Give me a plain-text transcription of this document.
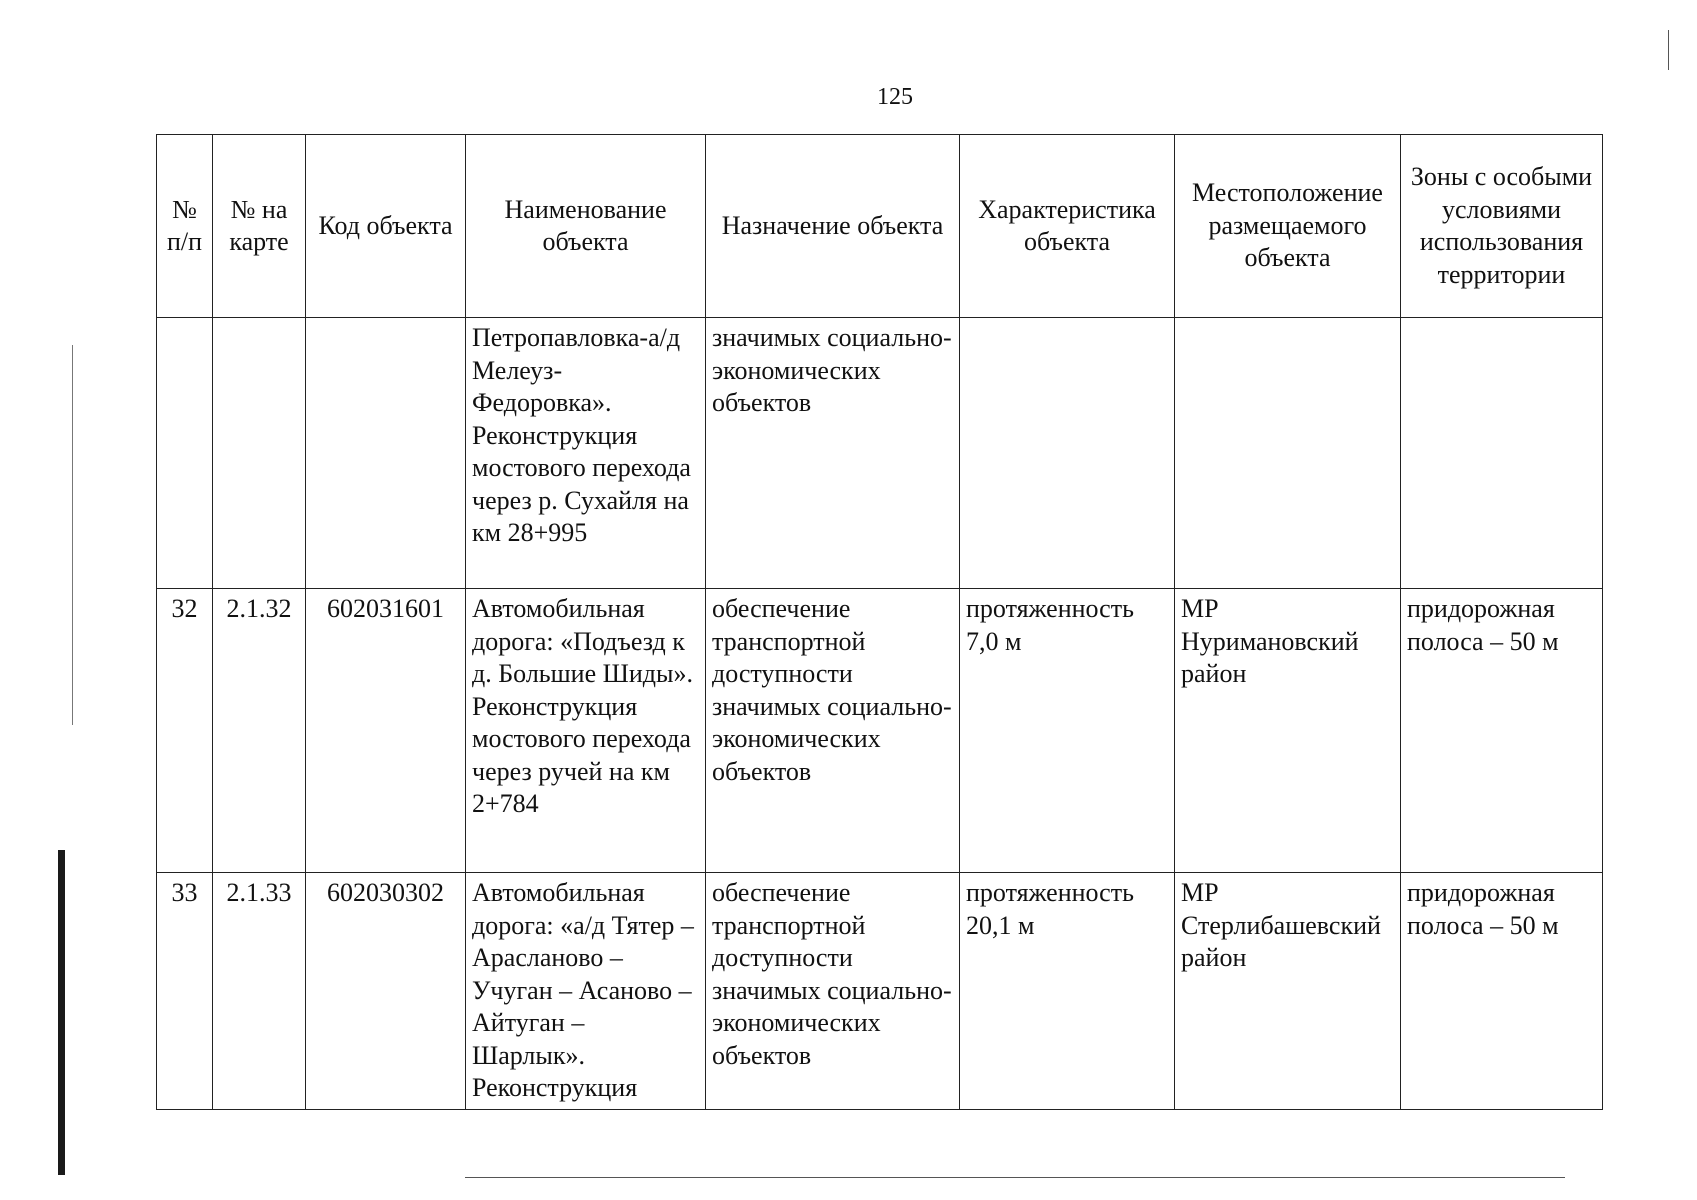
125
№ п/п	№ на карте	Код объекта	Наименование объекта	Назначение объекта	Характеристика объекта	Местоположение размещаемого объекта	Зоны с особыми условиями использования территории
			Петропавловка-а/д Мелеуз-Федоровка». Реконструкция мостового перехода через р. Сухайля на км 28+995	значимых социально-экономических объектов			
32	2.1.32	602031601	Автомобильная дорога: «Подъезд к д. Большие Шиды». Реконструкция мостового перехода через ручей на км 2+784	обеспечение транспортной доступности значимых социально-экономических объектов	протяженность 7,0 м	МР Нуримановский район	придорожная полоса – 50 м
33	2.1.33	602030302	Автомобильная дорога: «а/д Тятер – Арасланово – Учуган – Асаново – Айтуган – Шарлык». Реконструкция	обеспечение транспортной доступности значимых социально-экономических объектов	протяженность 20,1 м	МР Стерлибашевский район	придорожная полоса – 50 м
